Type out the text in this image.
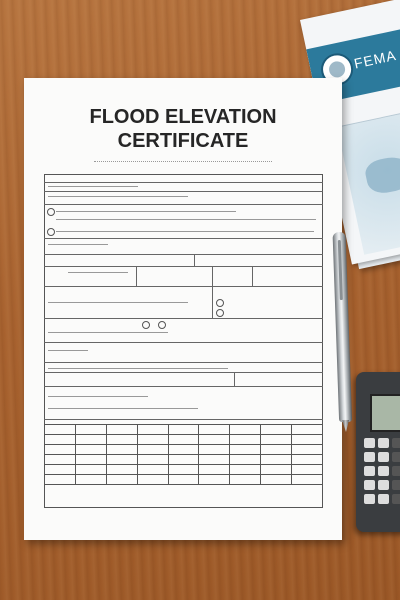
FEMA
FLOOD ELEVATION
CERTIFICATE
